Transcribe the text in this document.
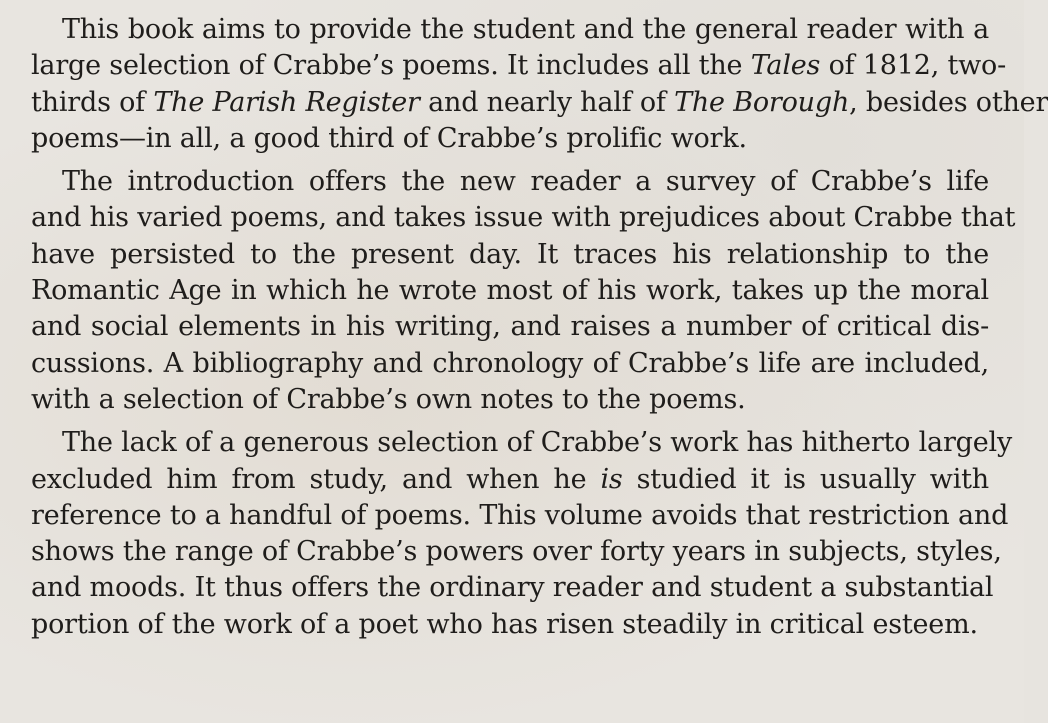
This book aims to provide the student and the general reader with a
large selection of Crabbe’s poems. It includes all the Tales of 1812, two-
thirds of The Parish Register and nearly half of The Borough, besides other
poems—in all, a good third of Crabbe’s prolific work.
The introduction offers the new reader a survey of Crabbe’s life
and his varied poems, and takes issue with prejudices about Crabbe that
have persisted to the present day. It traces his relationship to the
Romantic Age in which he wrote most of his work, takes up the moral
and social elements in his writing, and raises a number of critical dis-
cussions. A bibliography and chronology of Crabbe’s life are included,
with a selection of Crabbe’s own notes to the poems.
The lack of a generous selection of Crabbe’s work has hitherto largely
excluded him from study, and when he is studied it is usually with
reference to a handful of poems. This volume avoids that restriction and
shows the range of Crabbe’s powers over forty years in subjects, styles,
and moods. It thus offers the ordinary reader and student a substantial
portion of the work of a poet who has risen steadily in critical esteem.
